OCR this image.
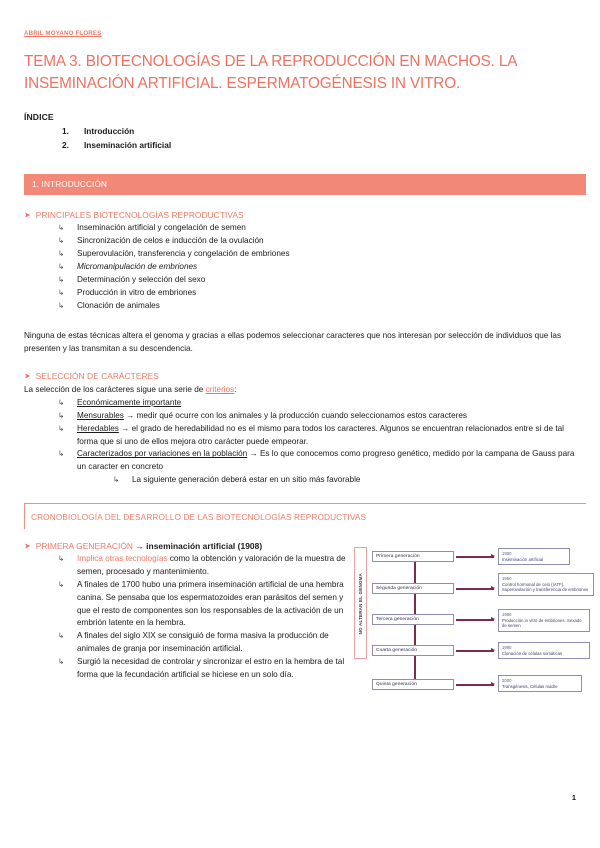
ABRIL MOYANO FLORES
TEMA 3. BIOTECNOLOGÍAS DE LA REPRODUCCIÓN EN MACHOS. LA INSEMINACIÓN ARTIFICIAL. ESPERMATOGÉNESIS IN VITRO.
ÍNDICE
Introducción
Inseminación artificial
1. INTRODUCCIÓN
➤ PRINCIPALES BIOTECNOLOGÍAS REPRODUCTIVAS
↳ Inseminación artificial y congelación de semen
↳ Sincronización de celos e inducción de la ovulación
↳ Superovulación, transferencia y congelación de embriones
↳ Micromanipulación de embriones
↳ Determinación y selección del sexo
↳ Producción in vitro de embriones
↳ Clonación de animales

Ninguna de estas técnicas altera el genoma y gracias a ellas podemos seleccionar caracteres que nos interesan por selección de individuos que las presenten y las transmitan a su descendencia.

➤ SELECCIÓN DE CARÁCTERES
La selección de los carácteres sigue una serie de criterios:
↳ Económicamente importante
↳ Mensurables → medir qué ocurre con los animales y la producción cuando seleccionamos estos caracteres
↳ Heredables → el grado de heredabilidad no es el mismo para todos los caracteres. Algunos se encuentran relacionados entre sí de tal forma que si uno de ellos mejora otro carácter puede empeorar.
↳ Caracterizados por variaciones en la población → Es lo que conocemos como progreso genético, medido por la campana de Gauss para un caracter en concreto
↳ La siguiente generación deberá estar en un sitio más favorable
CRONOBIOLOGÍA DEL DESARROLLO DE LAS BIOTECNOLOGÍAS REPRODUCTIVAS
➤ PRIMERA GENERACIÓN → inseminación artificial (1908)
↳ Implica otras tecnologías como la obtención y valoración de la muestra de semen, procesado y mantenimiento.
↳ A finales de 1700 hubo una primera inseminación artificial de una hembra canina. Se pensaba que los espermatozoides eran parásitos del semen y que el resto de componentes son los responsables de la activación de un embrión latente en la hembra.
↳ A finales del siglo XIX se consiguió de forma masiva la producción de animales de granja por inseminación artificial.
↳ Surgió la necesidad de controlar y sincronizar el estro en la hembra de tal forma que la fecundación artificial se hiciese en un solo día.
NO ALTERAN EL GENOMA
Primera generación
Segunda generación
Tercera generación
Cuarta generación
Quinta generación
1900
Inseminación artificial
1950
Control hormonal de celo (IATF). Superovulación y transferencia de embriones
1980
Producción in vitro de embriones. Sexado de semen
1990
Clonación de células somáticas
2000
Transgénesis, Células madre
1
